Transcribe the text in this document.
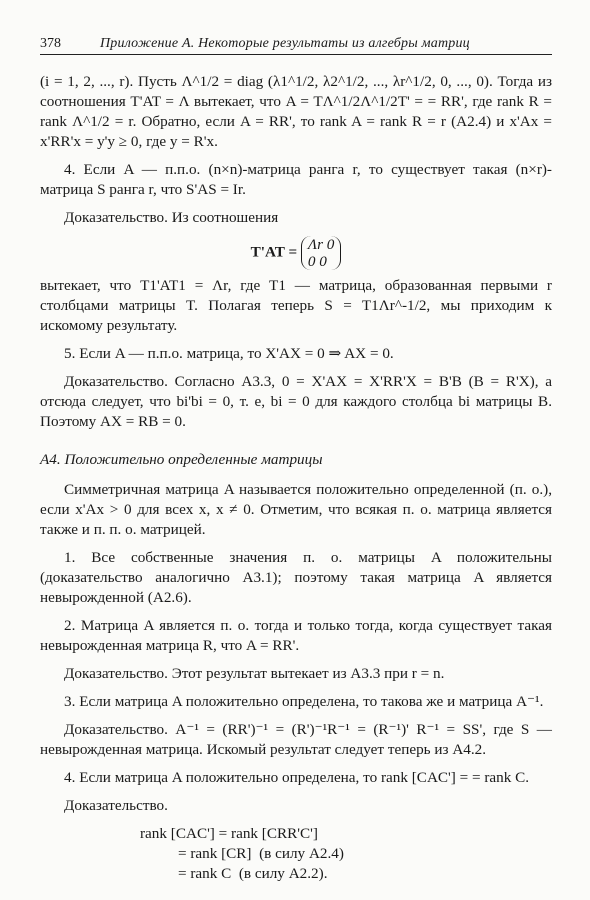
378	Приложение А. Некоторые результаты из алгебры матриц

(i = 1, 2, ..., r). Пусть Λ^1/2 = diag (λ1^1/2, λ2^1/2, ..., λr^1/2, 0, ..., 0). Тогда из соотношения T'AT = Λ вытекает, что A = TΛ^1/2Λ^1/2T' = = RR', где rank R = rank Λ^1/2 = r. Обратно, если A = RR', то rank A = rank R = r (A2.4) и x'Ax = x'RR'x = y'y ≥ 0, где y = R'x.

4. Если A — п.п.о. (n×n)-матрица ранга r, то существует такая (n×r)-матрица S ранга r, что S'AS = Ir.

Доказательство. Из соотношения

T'AT = Λr 0
0 0

вытекает, что T1'AT1 = Λr, где T1 — матрица, образованная первыми r столбцами матрицы T. Полагая теперь S = T1Λr^-1/2, мы приходим к искомому результату.

5. Если A — п.п.о. матрица, то X'AX = 0 ⇒ AX = 0.

Доказательство. Согласно A3.3, 0 = X'AX = X'RR'X = B'B (B = R'X), а отсюда следует, что bi'bi = 0, т. е, bi = 0 для каждого столбца bi матрицы B. Поэтому AX = RB = 0.

А4. Положительно определенные матрицы

Симметричная матрица A называется положительно определенной (п. о.), если x'Ax > 0 для всех x, x ≠ 0. Отметим, что всякая п. о. матрица является также и п. п. о. матрицей.

1. Все собственные значения п. о. матрицы A положительны (доказательство аналогично A3.1); поэтому такая матрица A является невырожденной (A2.6).

2. Матрица A является п. о. тогда и только тогда, когда существует такая невырожденная матрица R, что A = RR'.

Доказательство. Этот результат вытекает из A3.3 при r = n.

3. Если матрица A положительно определена, то такова же и матрица A⁻¹.

Доказательство. A⁻¹ = (RR')⁻¹ = (R')⁻¹R⁻¹ = (R⁻¹)' R⁻¹ = SS', где S — невырожденная матрица. Искомый результат следует теперь из A4.2.

4. Если матрица A положительно определена, то rank [CAC'] = = rank C.

Доказательство.

rank [CAC'] = rank [CRR'C']
= rank [CR]  (в силу A2.4)
= rank C  (в силу A2.2).
